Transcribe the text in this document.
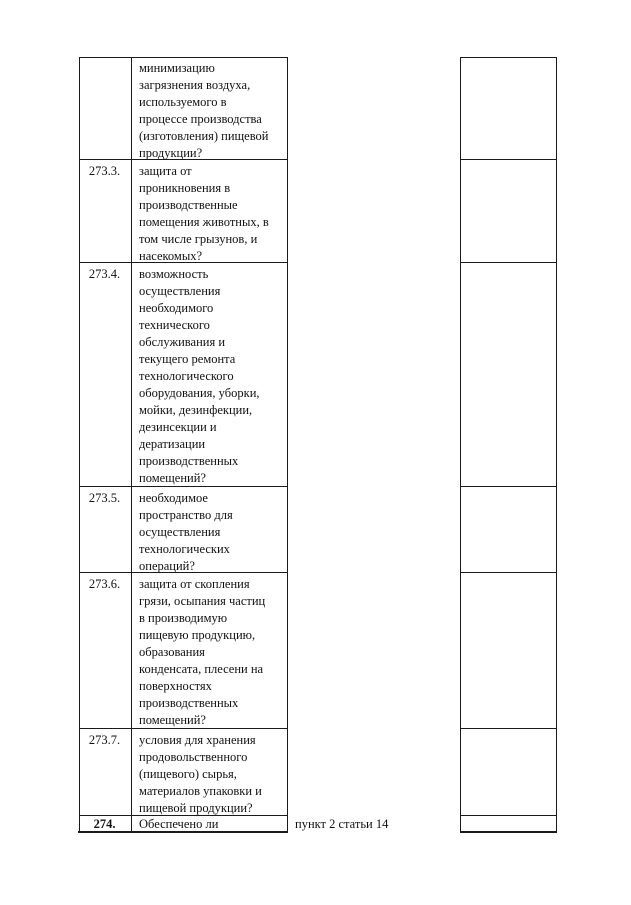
минимизацию
загрязнения воздуха,
используемого в
процессе производства
(изготовления) пищевой
продукции?
273.3.	защита от
проникновения в
производственные
помещения животных, в
том числе грызунов, и
насекомых?
273.4.	возможность
осуществления
необходимого
технического
обслуживания и
текущего ремонта
технологического
оборудования, уборки,
мойки, дезинфекции,
дезинсекции и
дератизации
производственных
помещений?
273.5.	необходимое
пространство для
осуществления
технологических
операций?
273.6.	защита от скопления
грязи, осыпания частиц
в производимую
пищевую продукцию,
образования
конденсата, плесени на
поверхностях
производственных
помещений?
273.7.	условия для хранения
продовольственного
(пищевого) сырья,
материалов упаковки и
пищевой продукции?
274.	Обеспечено ли	пункт 2 статьи 14
